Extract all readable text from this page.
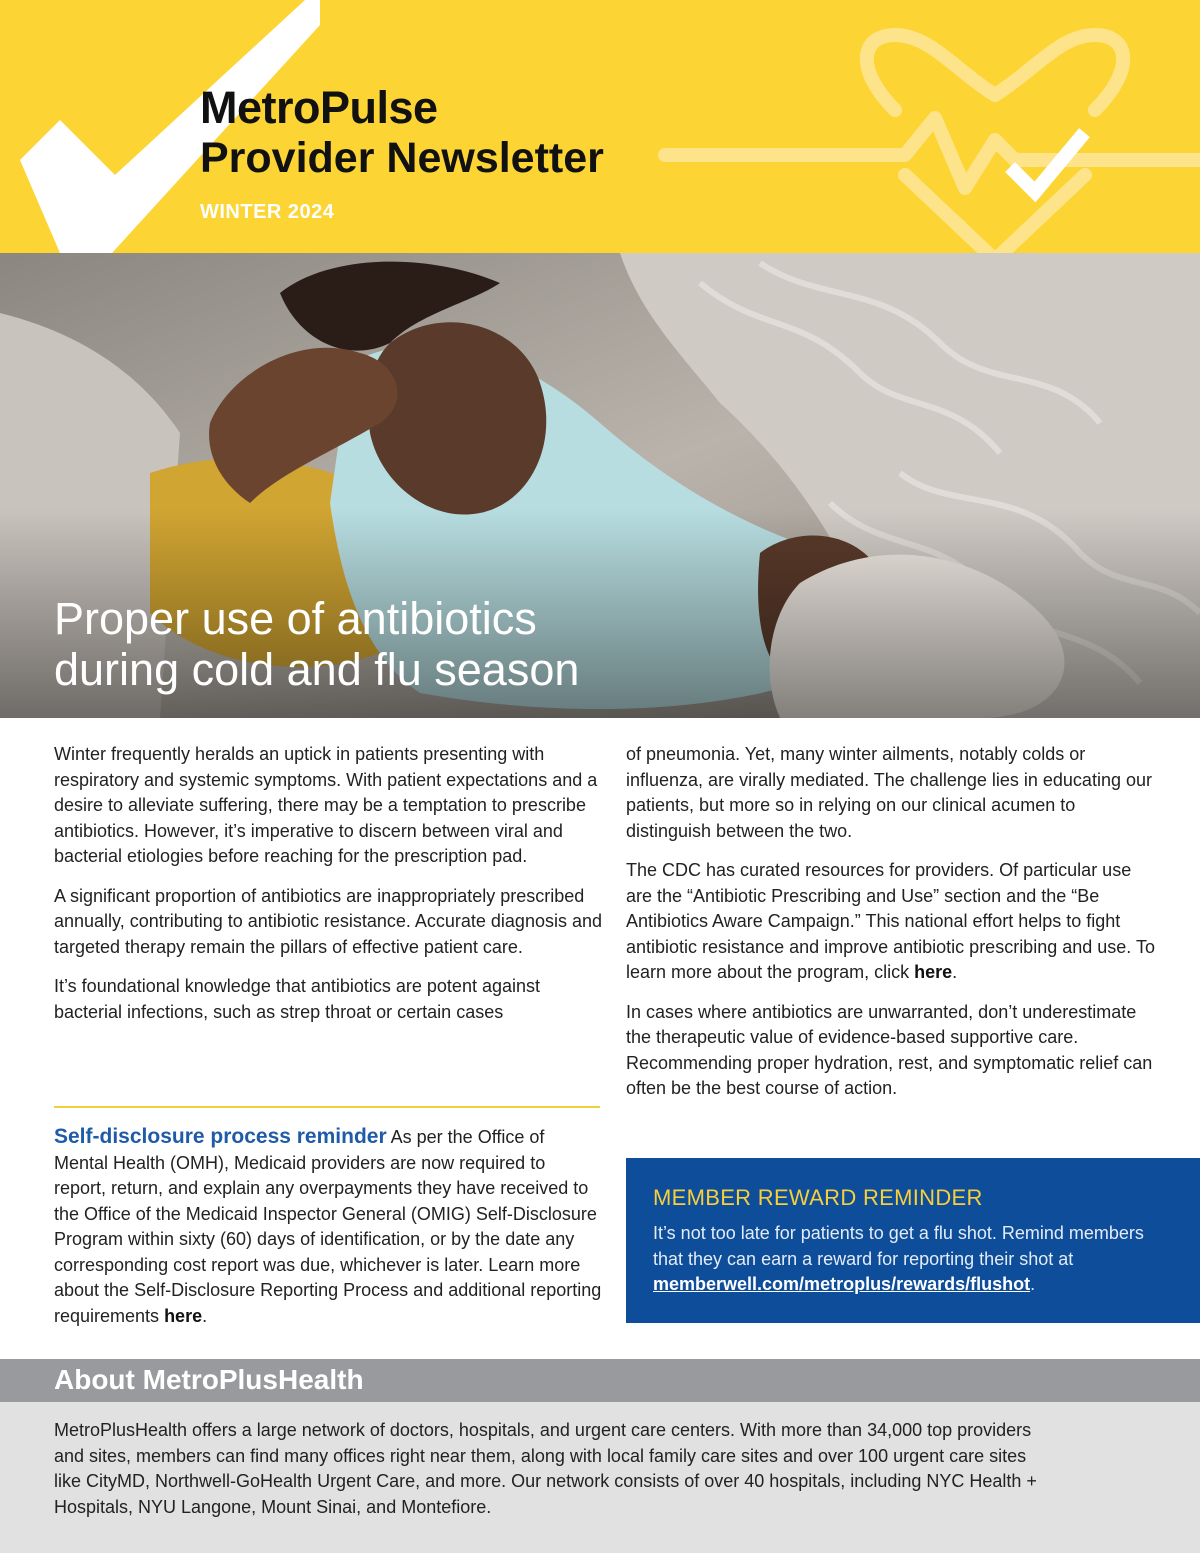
MetroPulse
Provider Newsletter
WINTER 2024
Proper use of antibiotics
during cold and flu season

Winter frequently heralds an uptick in patients presenting with respiratory and systemic symptoms. With patient expectations and a desire to alleviate suffering, there may be a temptation to prescribe antibiotics. However, it’s imperative to discern between viral and bacterial etiologies before reaching for the prescription pad.

A significant proportion of antibiotics are inappropriately prescribed annually, contributing to antibiotic resistance. Accurate diagnosis and targeted therapy remain the pillars of effective patient care.

It’s foundational knowledge that antibiotics are potent against bacterial infections, such as strep throat or certain cases

of pneumonia. Yet, many winter ailments, notably colds or influenza, are virally mediated. The challenge lies in educating our patients, but more so in relying on our clinical acumen to distinguish between the two.

The CDC has curated resources for providers. Of particular use are the “Antibiotic Prescribing and Use” section and the “Be Antibiotics Aware Campaign.” This national effort helps to fight antibiotic resistance and improve antibiotic prescribing and use. To learn more about the program, click here.

In cases where antibiotics are unwarranted, don’t underestimate the therapeutic value of evidence-based supportive care. Recommending proper hydration, rest, and symptomatic relief can often be the best course of action.

Self-disclosure process reminder As per the Office of Mental Health (OMH), Medicaid providers are now required to report, return, and explain any overpayments they have received to the Office of the Medicaid Inspector General (OMIG) Self-Disclosure Program within sixty (60) days of identification, or by the date any corresponding cost report was due, whichever is later. Learn more about the Self-Disclosure Reporting Process and additional reporting requirements here.

MEMBER REWARD REMINDER

It’s not too late for patients to get a flu shot. Remind members that they can earn a reward for reporting their shot at memberwell.com/metroplus/rewards/flushot.

About MetroPlusHealth

MetroPlusHealth offers a large network of doctors, hospitals, and urgent care centers. With more than 34,000 top providers and sites, members can find many offices right near them, along with local family care sites and over 100 urgent care sites like CityMD, Northwell-GoHealth Urgent Care, and more. Our network consists of over 40 hospitals, including NYC Health + Hospitals, NYU Langone, Mount Sinai, and Montefiore.
